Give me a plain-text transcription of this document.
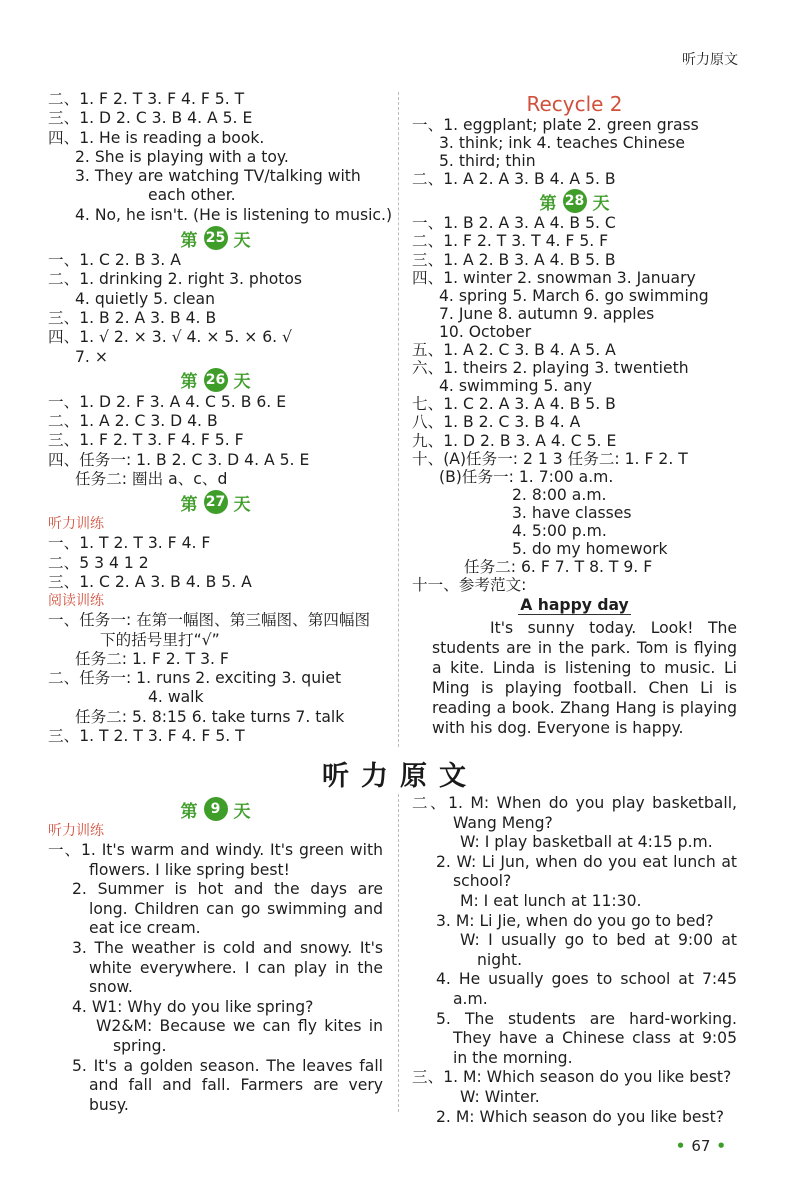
听力原文
二、1. F 2. T 3. F 4. F 5. T
三、1. D 2. C 3. B 4. A 5. E
四、1. He is reading a book.
2. She is playing with a toy.
3. They are watching TV/talking with
each other.
4. No, he isn't. (He is listening to music.)
第 25 天
一、1. C 2. B 3. A
二、1. drinking 2. right 3. photos
4. quietly 5. clean
三、1. B 2. A 3. B 4. B
四、1. √ 2. × 3. √ 4. × 5. × 6. √
7. ×
第 26 天
一、1. D 2. F 3. A 4. C 5. B 6. E
二、1. A 2. C 3. D 4. B
三、1. F 2. T 3. F 4. F 5. F
四、任务一: 1. B 2. C 3. D 4. A 5. E
任务二: 圈出 a、c、d
第 27 天
听力训练
一、1. T 2. T 3. F 4. F
二、5 3 4 1 2
三、1. C 2. A 3. B 4. B 5. A
阅读训练
一、任务一: 在第一幅图、第三幅图、第四幅图
下的括号里打“√”
任务二: 1. F 2. T 3. F
二、任务一: 1. runs 2. exciting 3. quiet
4. walk
任务二: 5. 8:15 6. take turns 7. talk
三、1. T 2. T 3. F 4. F 5. T
Recycle 2
一、1. eggplant; plate 2. green grass
3. think; ink 4. teaches Chinese
5. third; thin
二、1. A 2. A 3. B 4. A 5. B
第 28 天
一、1. B 2. A 3. A 4. B 5. C
二、1. F 2. T 3. T 4. F 5. F
三、1. A 2. B 3. A 4. B 5. B
四、1. winter 2. snowman 3. January
4. spring 5. March 6. go swimming
7. June 8. autumn 9. apples
10. October
五、1. A 2. C 3. B 4. A 5. A
六、1. theirs 2. playing 3. twentieth
4. swimming 5. any
七、1. C 2. A 3. A 4. B 5. B
八、1. B 2. C 3. B 4. A
九、1. D 2. B 3. A 4. C 5. E
十、(A)任务一: 2 1 3 任务二: 1. F 2. T
(B)任务一: 1. 7:00 a.m.
2. 8:00 a.m.
3. have classes
4. 5:00 p.m.
5. do my homework
任务二: 6. F 7. T 8. T 9. F
十一、参考范文:
A happy day
It's sunny today. Look! The students are in the park. Tom is flying a kite. Linda is listening to music. Li Ming is playing football. Chen Li is reading a book. Zhang Hang is playing with his dog. Everyone is happy.
听力原文
第 9 天
听力训练
一、1. It's warm and windy. It's green with flowers. I like spring best!
2. Summer is hot and the days are long. Children can go swimming and eat ice cream.
3. The weather is cold and snowy. It's white everywhere. I can play in the snow.
4. W1: Why do you like spring?
W2&M: Because we can fly kites in spring.
5. It's a golden season. The leaves fall and fall and fall. Farmers are very busy.
二、1. M: When do you play basketball, Wang Meng?
W: I play basketball at 4:15 p.m.
2. W: Li Jun, when do you eat lunch at school?
M: I eat lunch at 11:30.
3. M: Li Jie, when do you go to bed?
W: I usually go to bed at 9:00 at night.
4. He usually goes to school at 7:45 a.m.
5. The students are hard-working. They have a Chinese class at 9:05 in the morning.
三、1. M: Which season do you like best?
W: Winter.
2. M: Which season do you like best?
• 67 •
